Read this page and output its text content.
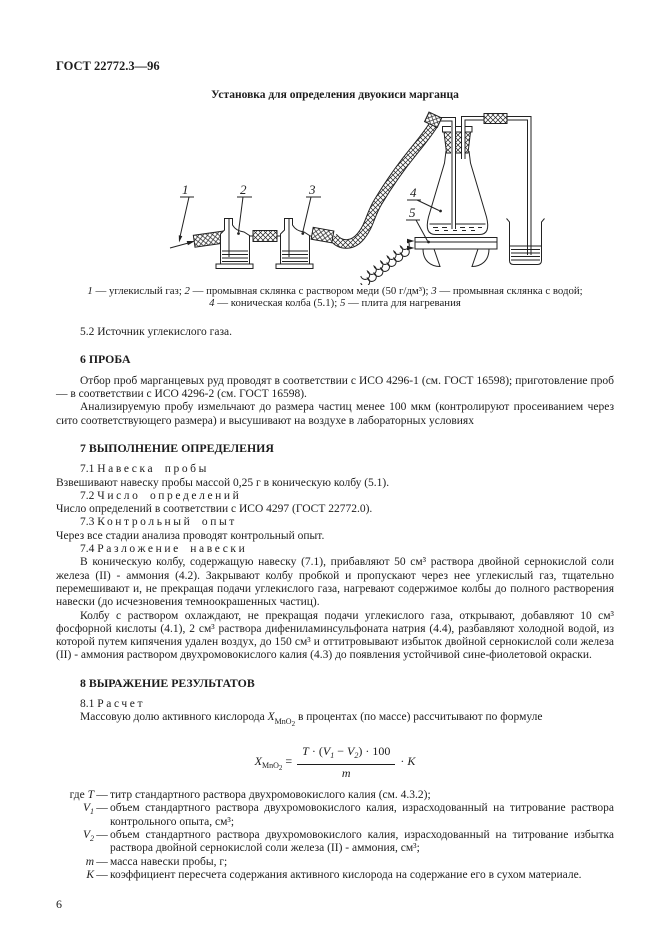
ГОСТ 22772.3—96
Установка для определения двуокиси марганца
1	2	3	4
5
1 — углекислый газ; 2 — промывная склянка с раствором меди (50 г/дм³); 3 — промывная склянка с водой;
4 — коническая колба (5.1); 5 — плита для нагревания

5.2 Источник углекислого газа.

6 ПРОБА

Отбор проб марганцевых руд проводят в соответствии с ИСО 4296-1 (см. ГОСТ 16598); приготовление проб — в соответствии с ИСО 4296-2 (см. ГОСТ 16598).

Анализируемую пробу измельчают до размера частиц менее 100 мкм (контролируют просеиванием через сито соответствующего размера) и высушивают на воздухе в лабораторных условиях

7 ВЫПОЛНЕНИЕ ОПРЕДЕЛЕНИЯ

7.1 Навеска пробы

Взвешивают навеску пробы массой 0,25 г в коническую колбу (5.1).

7.2 Число определений

Число определений в соответствии с ИСО 4297 (ГОСТ 22772.0).

7.3 Контрольный опыт

Через все стадии анализа проводят контрольный опыт.

7.4 Разложение навески

В коническую колбу, содержащую навеску (7.1), прибавляют 50 см³ раствора двойной сернокислой соли железа (II) - аммония (4.2). Закрывают колбу пробкой и пропускают через нее углекислый газ, тщательно перемешивают и, не прекращая подачи углекислого газа, нагревают содержимое колбы до полного растворения навески (до исчезновения темноокрашенных частиц).

Колбу с раствором охлаждают, не прекращая подачи углекислого газа, открывают, добавляют 10 см³ фосфорной кислоты (4.1), 2 см³ раствора дифениламинсульфоната натрия (4.4), разбавляют холодной водой, из которой путем кипячения удален воздух, до 150 см³ и оттитровывают избыток двойной сернокислой соли железа (II) - аммония раствором двухромовокислого калия (4.3) до появления устойчивой сине-фиолетовой окраски.

8 ВЫРАЖЕНИЕ РЕЗУЛЬТАТОВ

8.1 Расчет

Массовую долю активного кислорода $X_{MnO2}$ в процентах (по массе) рассчитывают по формуле

$X_{MnO2} = \frac{T \cdot (V_1 - V_2) \cdot 100}{m} \cdot K$
где T — титр стандартного раствора двухромовокислого калия (см. 4.3.2);
$V_1$ — объем стандартного раствора двухромовокислого калия, израсходованный на титрование раствора контрольного опыта, см³;
$V_2$ — объем стандартного раствора двухромовокислого калия, израсходованный на титрование избытка раствора двойной сернокислой соли железа (II) - аммония, см³;
m — масса навески пробы, г;
K — коэффициент пересчета содержания активного кислорода на содержание его в сухом материале.
6
